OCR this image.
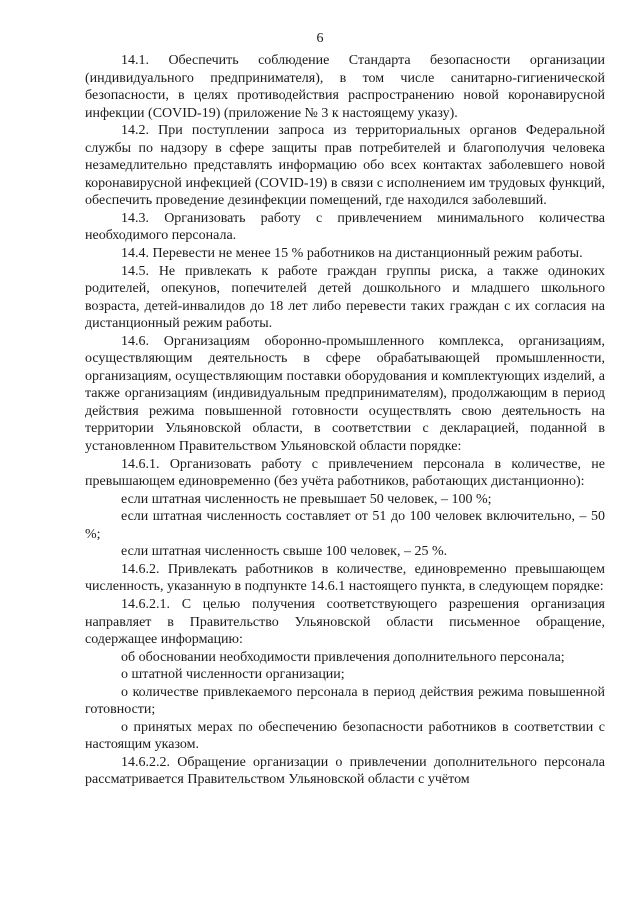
6

14.1. Обеспечить соблюдение Стандарта безопасности организации (индивидуального предпринимателя), в том числе санитарно-гигиенической безопасности, в целях противодействия распространению новой коронавирусной инфекции (COVID-19) (приложение № 3 к настоящему указу).

14.2. При поступлении запроса из территориальных органов Федеральной службы по надзору в сфере защиты прав потребителей и благополучия человека незамедлительно представлять информацию обо всех контактах заболевшего новой коронавирусной инфекцией (COVID-19) в связи с исполнением им трудовых функций, обеспечить проведение дезинфекции помещений, где находился заболевший.

14.3. Организовать работу с привлечением минимального количества необходимого персонала.

14.4. Перевести не менее 15 % работников на дистанционный режим работы.

14.5. Не привлекать к работе граждан группы риска, а также одиноких родителей, опекунов, попечителей детей дошкольного и младшего школьного возраста, детей-инвалидов до 18 лет либо перевести таких граждан с их согласия на дистанционный режим работы.

14.6. Организациям оборонно-промышленного комплекса, организациям, осуществляющим деятельность в сфере обрабатывающей промышленности, организациям, осуществляющим поставки оборудования и комплектующих изделий, а также организациям (индивидуальным предпринимателям), продолжающим в период действия режима повышенной готовности осуществлять свою деятельность на территории Ульяновской области, в соответствии с декларацией, поданной в установленном Правительством Ульяновской области порядке:

14.6.1. Организовать работу с привлечением персонала в количестве, не превышающем единовременно (без учёта работников, работающих дистанционно):

если штатная численность не превышает 50 человек, – 100 %;

если штатная численность составляет от 51 до 100 человек включительно, – 50 %;

если штатная численность свыше 100 человек, – 25 %.

14.6.2. Привлекать работников в количестве, единовременно превышающем численность, указанную в подпункте 14.6.1 настоящего пункта, в следующем порядке:

14.6.2.1. С целью получения соответствующего разрешения организация направляет в Правительство Ульяновской области письменное обращение, содержащее информацию:

об обосновании необходимости привлечения дополнительного персонала;

о штатной численности организации;

о количестве привлекаемого персонала в период действия режима повышенной готовности;

о принятых мерах по обеспечению безопасности работников в соответствии с настоящим указом.

14.6.2.2. Обращение организации о привлечении дополнительного персонала рассматривается Правительством Ульяновской области с учётом
